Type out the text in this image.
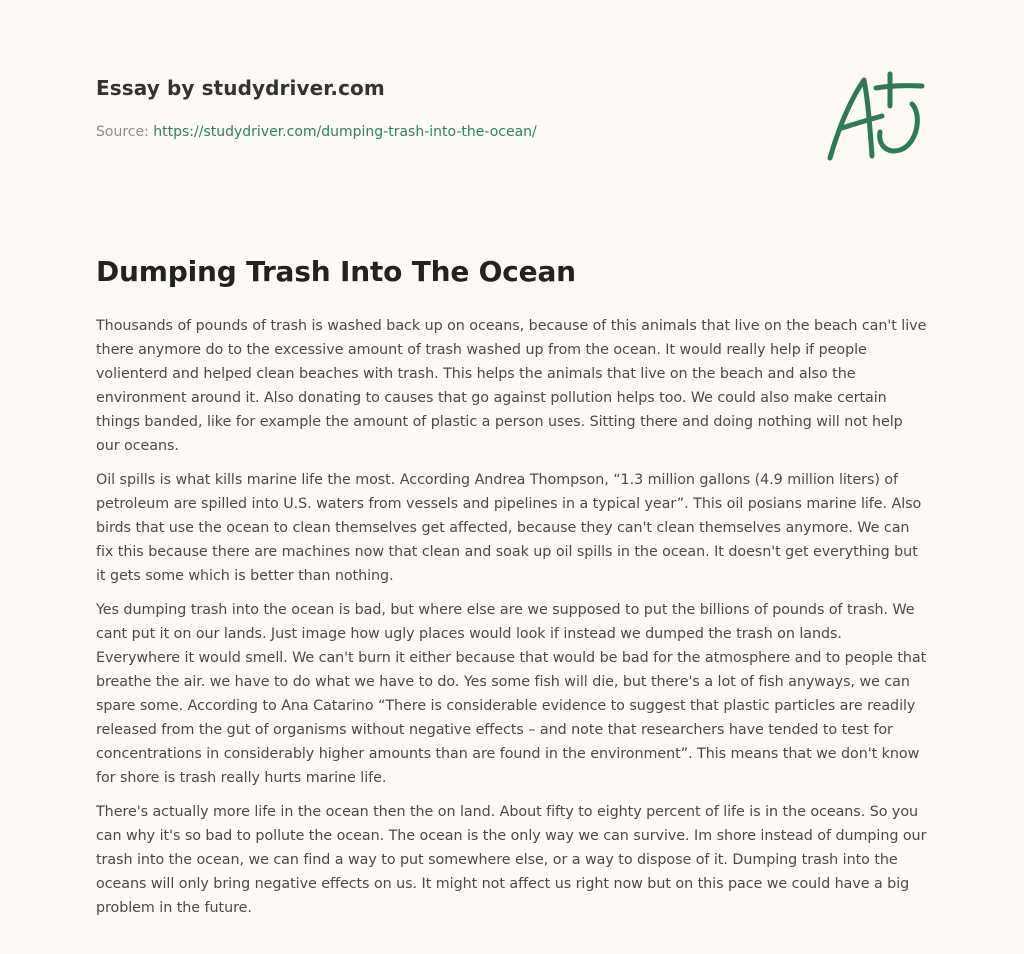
Essay by studydriver.com
Source: https://studydriver.com/dumping-trash-into-the-ocean/
Dumping Trash Into The Ocean

Thousands of pounds of trash is washed back up on oceans, because of this animals that live on the beach can't live there anymore do to the excessive amount of trash washed up from the ocean. It would really help if people volienterd and helped clean beaches with trash. This helps the animals that live on the beach and also the environment around it. Also donating to causes that go against pollution helps too. We could also make certain things banded, like for example the amount of plastic a person uses. Sitting there and doing nothing will not help our oceans.

Oil spills is what kills marine life the most. According Andrea Thompson, “1.3 million gallons (4.9 million liters) of petroleum are spilled into U.S. waters from vessels and pipelines in a typical year”. This oil posians marine life. Also birds that use the ocean to clean themselves get affected, because they can't clean themselves anymore. We can fix this because there are machines now that clean and soak up oil spills in the ocean. It doesn't get everything but it gets some which is better than nothing.

Yes dumping trash into the ocean is bad, but where else are we supposed to put the billions of pounds of trash. We cant put it on our lands. Just image how ugly places would look if instead we dumped the trash on lands. Everywhere it would smell. We can't burn it either because that would be bad for the atmosphere and to people that breathe the air. we have to do what we have to do. Yes some fish will die, but there's a lot of fish anyways, we can spare some. According to Ana Catarino “There is considerable evidence to suggest that plastic particles are readily released from the gut of organisms without negative effects – and note that researchers have tended to test for concentrations in considerably higher amounts than are found in the environment”. This means that we don't know for shore is trash really hurts marine life.

There's actually more life in the ocean then the on land. About fifty to eighty percent of life is in the oceans. So you can why it's so bad to pollute the ocean. The ocean is the only way we can survive. Im shore instead of dumping our trash into the ocean, we can find a way to put somewhere else, or a way to dispose of it. Dumping trash into the oceans will only bring negative effects on us. It might not affect us right now but on this pace we could have a big problem in the future.
